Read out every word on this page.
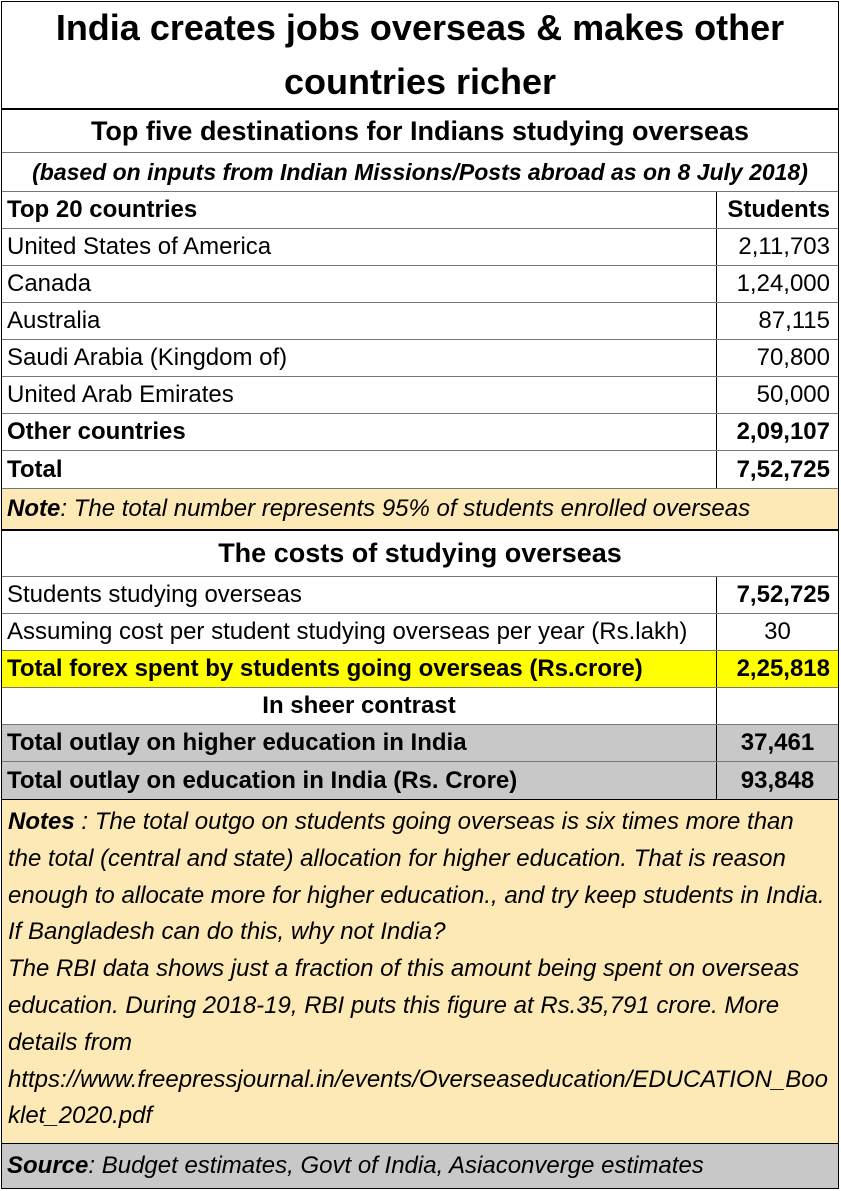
India creates jobs overseas & makes other countries richer
Top five destinations for Indians studying overseas
(based on inputs from Indian Missions/Posts abroad as on 8 July 2018)
Top 20 countries	Students
United States of America	2,11,703
Canada	1,24,000
Australia	87,115
Saudi Arabia (Kingdom of)	70,800
United Arab Emirates	50,000
Other countries	2,09,107
Total	7,52,725
Note : The total number represents 95% of students enrolled overseas
The costs of studying overseas
Students studying overseas	7,52,725
Assuming cost per student studying overseas per year (Rs.lakh)	30
Total forex spent by students going overseas (Rs.crore)	2,25,818
In sheer contrast
Total outlay on higher education in India	37,461
Total outlay on education in India (Rs. Crore)	93,848

Notes : The total outgo on students going overseas is six times more than the total (central and state) allocation for higher education. That is reason enough to allocate more for higher education., and try keep students in India. If Bangladesh can do this, why not India?

The RBI data shows just a fraction of this amount being spent on overseas education. During 2018-19, RBI puts this figure at Rs.35,791 crore. More details from

https://www.freepressjournal.in/events/Overseaseducation/EDUCATION_Booklet_2020.pdf

Source : Budget estimates, Govt of India, Asiaconverge estimates
